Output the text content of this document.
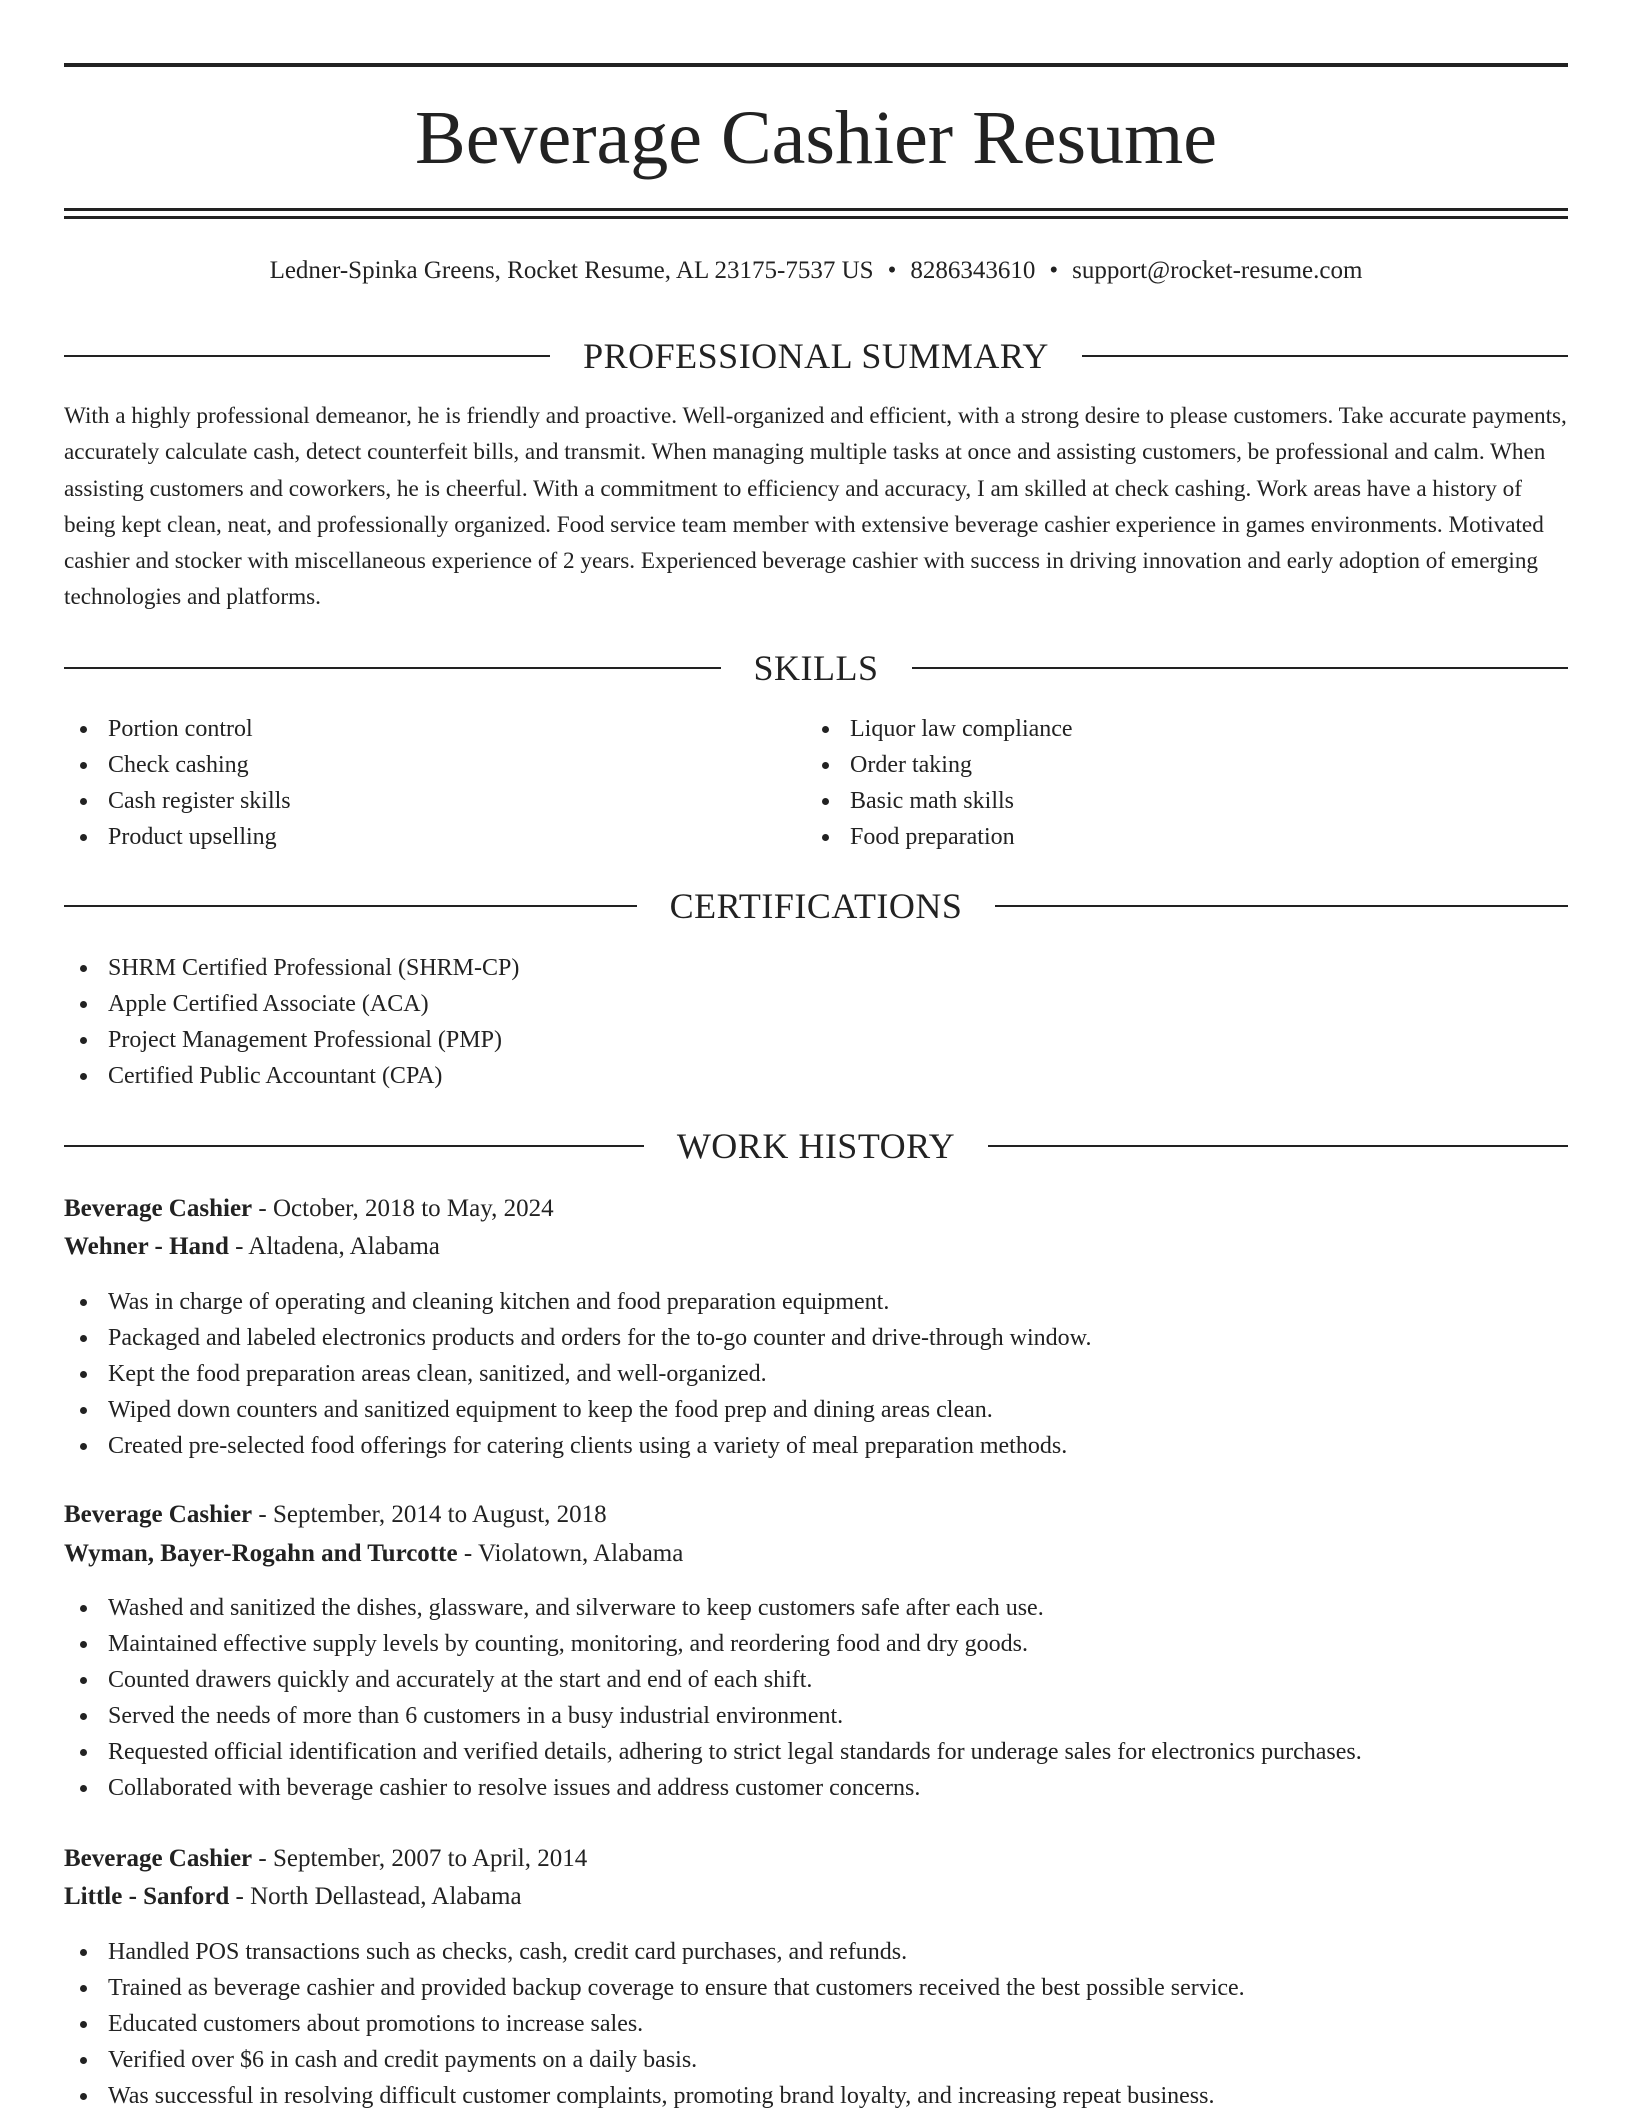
Beverage Cashier Resume
Ledner-Spinka Greens, Rocket Resume, AL 23175-7537 US • 8286343610 • support@rocket-resume.com
PROFESSIONAL SUMMARY

With a highly professional demeanor, he is friendly and proactive. Well-organized and efficient, with a strong desire to please customers. Take accurate payments, accurately calculate cash, detect counterfeit bills, and transmit. When managing multiple tasks at once and assisting customers, be professional and calm. When assisting customers and coworkers, he is cheerful. With a commitment to efficiency and accuracy, I am skilled at check cashing. Work areas have a history of being kept clean, neat, and professionally organized. Food service team member with extensive beverage cashier experience in games environments. Motivated cashier and stocker with miscellaneous experience of 2 years. Experienced beverage cashier with success in driving innovation and early adoption of emerging technologies and platforms.

SKILLS
Portion control
Check cashing
Cash register skills
Product upselling
Liquor law compliance
Order taking
Basic math skills
Food preparation
CERTIFICATIONS
SHRM Certified Professional (SHRM-CP)
Apple Certified Associate (ACA)
Project Management Professional (PMP)
Certified Public Accountant (CPA)
WORK HISTORY
Beverage Cashier - October, 2018 to May, 2024
Wehner - Hand - Altadena, Alabama
Was in charge of operating and cleaning kitchen and food preparation equipment.
Packaged and labeled electronics products and orders for the to-go counter and drive-through window.
Kept the food preparation areas clean, sanitized, and well-organized.
Wiped down counters and sanitized equipment to keep the food prep and dining areas clean.
Created pre-selected food offerings for catering clients using a variety of meal preparation methods.
Beverage Cashier - September, 2014 to August, 2018
Wyman, Bayer-Rogahn and Turcotte - Violatown, Alabama
Washed and sanitized the dishes, glassware, and silverware to keep customers safe after each use.
Maintained effective supply levels by counting, monitoring, and reordering food and dry goods.
Counted drawers quickly and accurately at the start and end of each shift.
Served the needs of more than 6 customers in a busy industrial environment.
Requested official identification and verified details, adhering to strict legal standards for underage sales for electronics purchases.
Collaborated with beverage cashier to resolve issues and address customer concerns.
Beverage Cashier - September, 2007 to April, 2014
Little - Sanford - North Dellastead, Alabama
Handled POS transactions such as checks, cash, credit card purchases, and refunds.
Trained as beverage cashier and provided backup coverage to ensure that customers received the best possible service.
Educated customers about promotions to increase sales.
Verified over $6 in cash and credit payments on a daily basis.
Was successful in resolving difficult customer complaints, promoting brand loyalty, and increasing repeat business.
